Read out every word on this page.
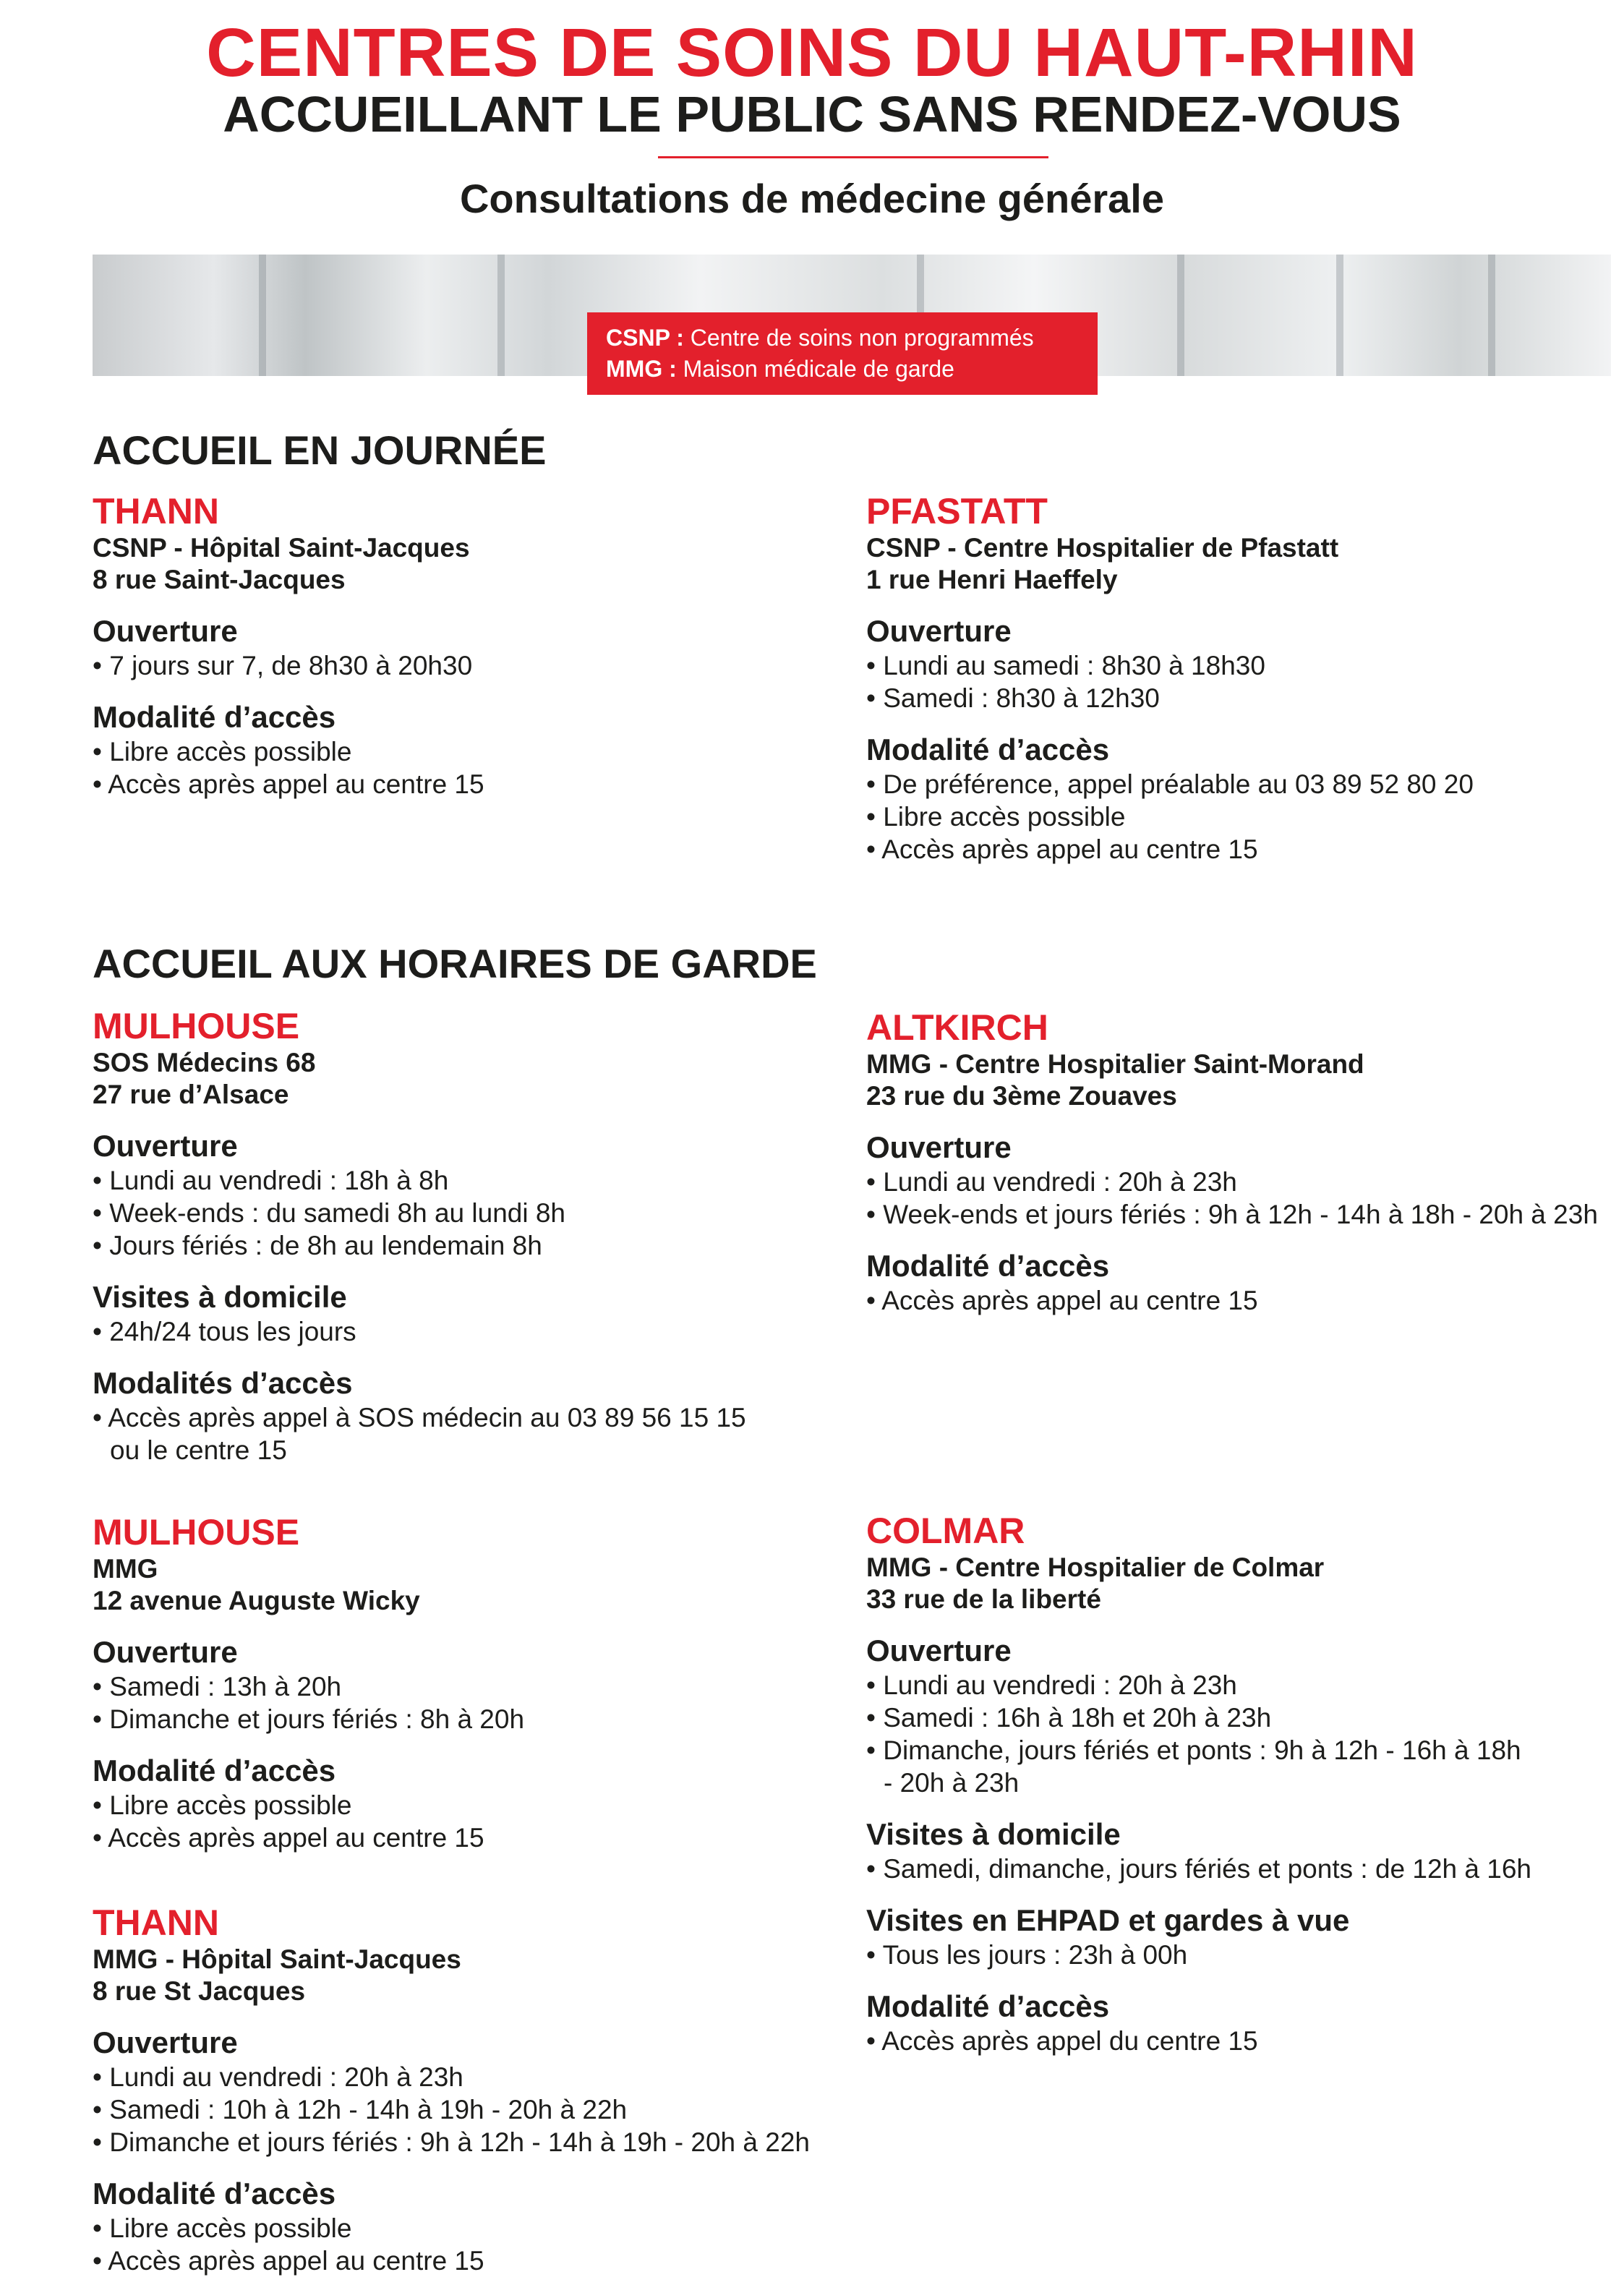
CENTRES DE SOINS DU HAUT-RHIN
ACCUEILLANT LE PUBLIC SANS RENDEZ-VOUS
Consultations de médecine générale
CSNP : Centre de soins non programmés
MMG : Maison médicale de garde
ACCUEIL EN JOURNÉE
ACCUEIL AUX HORAIRES DE GARDE
THANN
CSNP - Hôpital Saint-Jacques
8 rue Saint-Jacques
Ouverture
• 7 jours sur 7, de 8h30 à 20h30
Modalité d’accès
• Libre accès possible
• Accès après appel au centre 15
PFASTATT
CSNP - Centre Hospitalier de Pfastatt
1 rue Henri Haeffely
Ouverture
• Lundi au samedi : 8h30 à 18h30
• Samedi : 8h30 à 12h30
Modalité d’accès
• De préférence, appel préalable au 03 89 52 80 20
• Libre accès possible
• Accès après appel au centre 15
MULHOUSE
SOS Médecins 68
27 rue d’Alsace
Ouverture
• Lundi au vendredi : 18h à 8h
• Week-ends : du samedi 8h au lundi 8h
• Jours fériés : de 8h au lendemain 8h
Visites à domicile
• 24h/24 tous les jours
Modalités d’accès
• Accès après appel à SOS médecin au 03 89 56 15 15
ou le centre 15
ALTKIRCH
MMG - Centre Hospitalier Saint-Morand
23 rue du 3ème Zouaves
Ouverture
• Lundi au vendredi : 20h à 23h
• Week-ends et jours fériés : 9h à 12h - 14h à 18h - 20h à 23h
Modalité d’accès
• Accès après appel au centre 15
MULHOUSE
MMG
12 avenue Auguste Wicky
Ouverture
• Samedi : 13h à 20h
• Dimanche et jours fériés : 8h à 20h
Modalité d’accès
• Libre accès possible
• Accès après appel au centre 15
COLMAR
MMG - Centre Hospitalier de Colmar
33 rue de la liberté
Ouverture
• Lundi au vendredi : 20h à 23h
• Samedi : 16h à 18h et 20h à 23h
• Dimanche, jours fériés et ponts : 9h à 12h - 16h à 18h
- 20h à 23h
Visites à domicile
• Samedi, dimanche, jours fériés et ponts : de 12h à 16h
Visites en EHPAD et gardes à vue
• Tous les jours : 23h à 00h
Modalité d’accès
• Accès après appel du centre 15
THANN
MMG - Hôpital Saint-Jacques
8 rue St Jacques
Ouverture
• Lundi au vendredi : 20h à 23h
• Samedi : 10h à 12h - 14h à 19h - 20h à 22h
• Dimanche et jours fériés : 9h à 12h - 14h à 19h - 20h à 22h
Modalité d’accès
• Libre accès possible
• Accès après appel au centre 15
